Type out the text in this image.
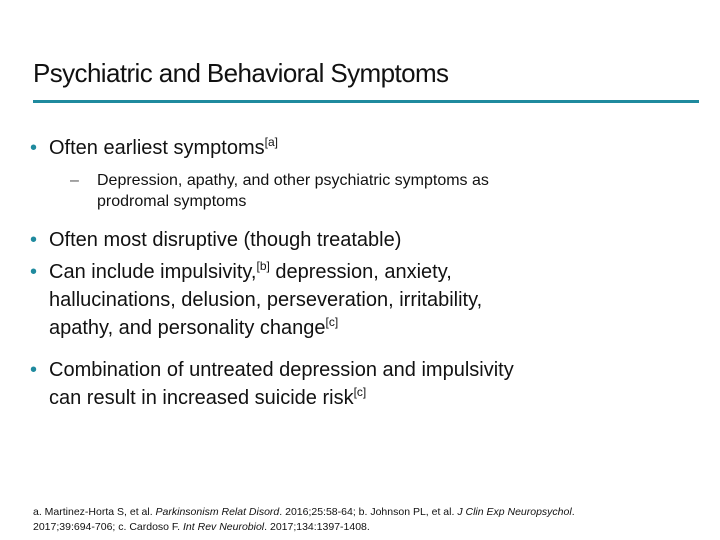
Psychiatric and Behavioral Symptoms
• Often earliest symptoms[a]
– Depression, apathy, and other psychiatric symptoms as
prodromal symptoms
• Often most disruptive (though treatable)
• Can include impulsivity,[b] depression, anxiety,
hallucinations, delusion, perseveration, irritability,
apathy, and personality change[c]
• Combination of untreated depression and impulsivity
can result in increased suicide risk[c]
a. Martinez-Horta S, et al. Parkinsonism Relat Disord. 2016;25:58-64; b. Johnson PL, et al. J Clin Exp Neuropsychol.
2017;39:694-706; c. Cardoso F. Int Rev Neurobiol. 2017;134:1397-1408.
